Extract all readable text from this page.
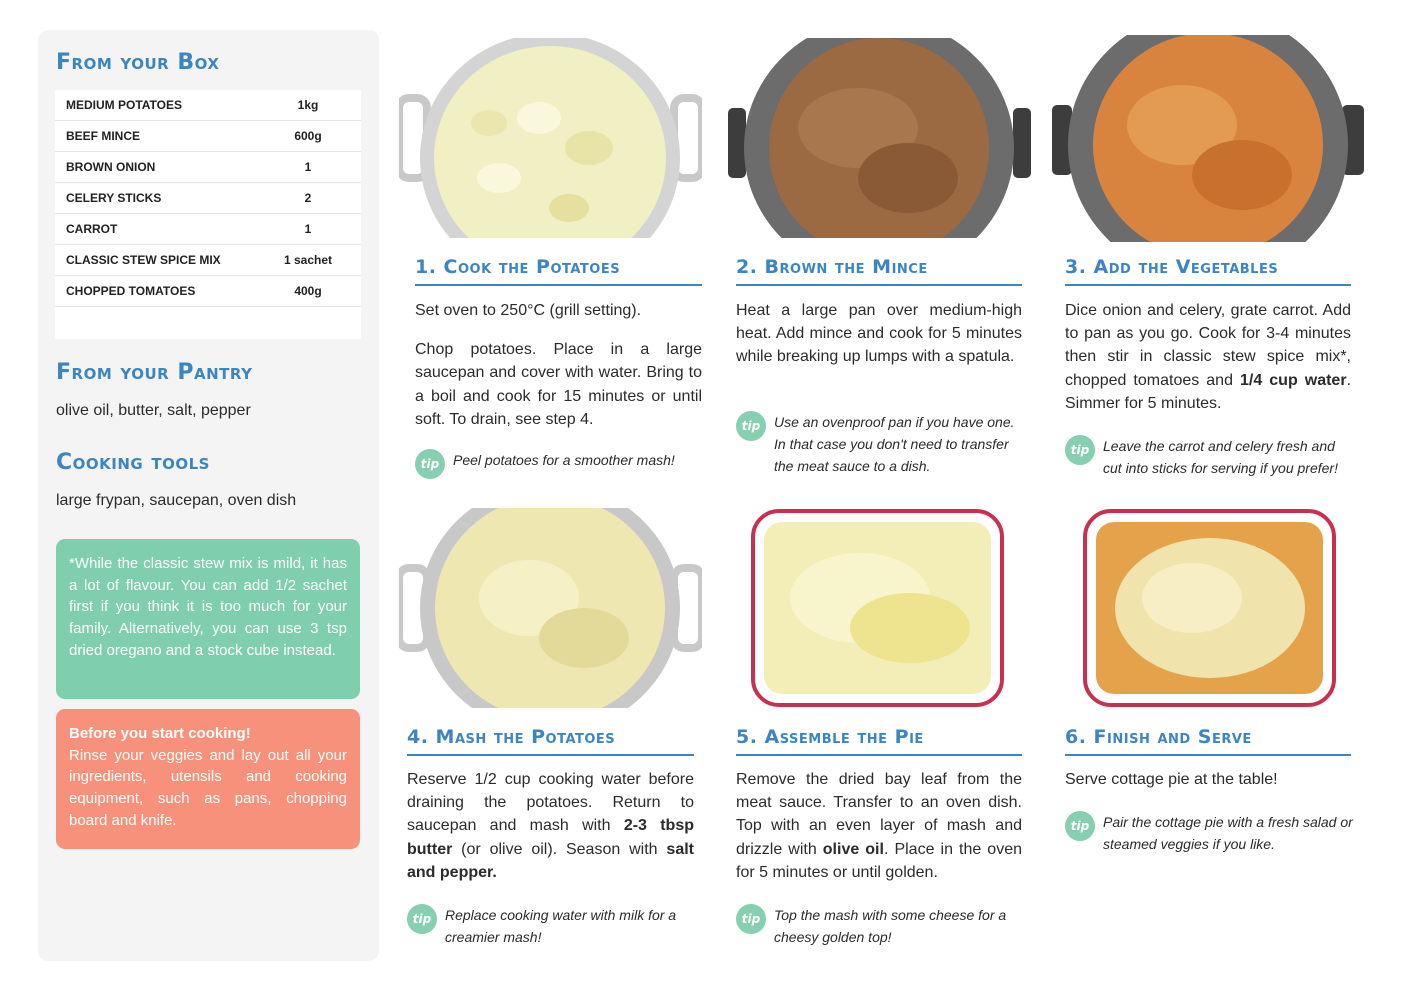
From your Box
MEDIUM POTATOES	1kg
BEEF MINCE	600g
BROWN ONION	1
CELERY STICKS	2
CARROT	1
CLASSIC STEW SPICE MIX	1 sachet
CHOPPED TOMATOES	400g
From your Pantry
olive oil, butter, salt, pepper
Cooking tools
large frypan, saucepan, oven dish
*While the classic stew mix is mild, it has a lot of flavour. You can add 1/2 sachet first if you think it is too much for your family. Alternatively, you can use 3 tsp dried oregano and a stock cube instead.
Before you start cooking!
Rinse your veggies and lay out all your ingredients, utensils and cooking equipment, such as pans, chopping board and knife.
1. Cook the Potatoes

Set oven to 250°C (grill setting).

Chop potatoes. Place in a large saucepan and cover with water. Bring to a boil and cook for 15 minutes or until soft. To drain, see step 4.

tip Peel potatoes for a smoother mash!
2. Brown the Mince
Heat a large pan over medium-high heat. Add mince and cook for 5 minutes while breaking up lumps with a spatula.
tip Use an ovenproof pan if you have one. In that case you don't need to transfer the meat sauce to a dish.
3. Add the Vegetables
Dice onion and celery, grate carrot. Add to pan as you go. Cook for 3-4 minutes then stir in classic stew spice mix*, chopped tomatoes and 1/4 cup water. Simmer for 5 minutes.
tip Leave the carrot and celery fresh and cut into sticks for serving if you prefer!
4. Mash the Potatoes
Reserve 1/2 cup cooking water before draining the potatoes. Return to saucepan and mash with 2-3 tbsp butter (or olive oil). Season with salt and pepper.
tip Replace cooking water with milk for a creamier mash!
5. Assemble the Pie
Remove the dried bay leaf from the meat sauce. Transfer to an oven dish. Top with an even layer of mash and drizzle with olive oil. Place in the oven for 5 minutes or until golden.
tip Top the mash with some cheese for a cheesy golden top!
6. Finish and Serve
Serve cottage pie at the table!
tip Pair the cottage pie with a fresh salad or steamed veggies if you like.
